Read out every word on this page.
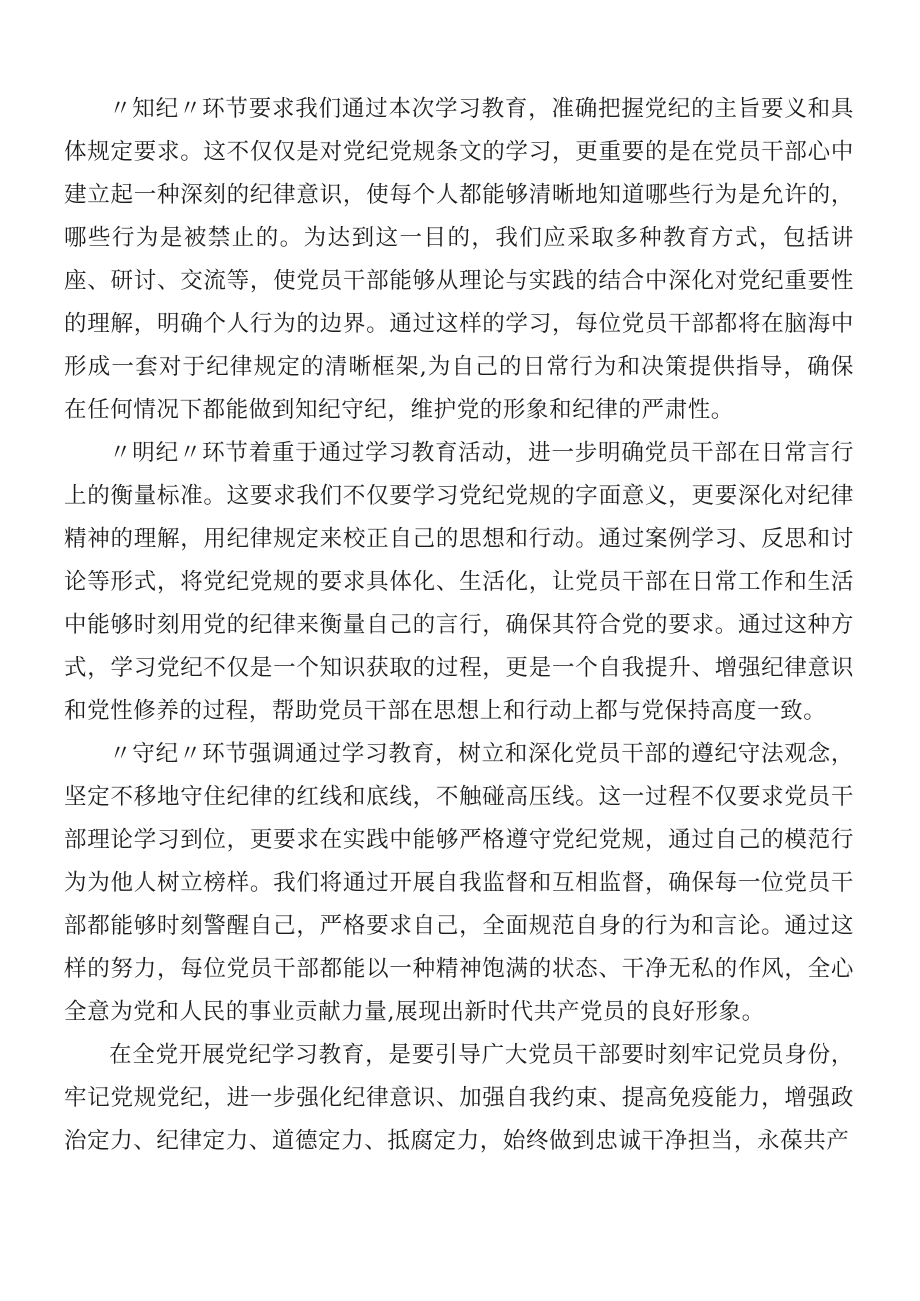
〃知纪〃环节要求我们通过本次学习教育，准确把握党纪的主旨要义和具体规定要求。这不仅仅是对党纪党规条文的学习，更重要的是在党员干部心中建立起一种深刻的纪律意识，使每个人都能够清晰地知道哪些行为是允许的，哪些行为是被禁止的。为达到这一目的，我们应采取多种教育方式，包括讲座、研讨、交流等，使党员干部能够从理论与实践的结合中深化对党纪重要性的理解，明确个人行为的边界。通过这样的学习，每位党员干部都将在脑海中形成一套对于纪律规定的清晰框架,为自己的日常行为和决策提供指导，确保在任何情况下都能做到知纪守纪，维护党的形象和纪律的严肃性。

〃明纪〃环节着重于通过学习教育活动，进一步明确党员干部在日常言行上的衡量标准。这要求我们不仅要学习党纪党规的字面意义，更要深化对纪律精神的理解，用纪律规定来校正自己的思想和行动。通过案例学习、反思和讨论等形式，将党纪党规的要求具体化、生活化，让党员干部在日常工作和生活中能够时刻用党的纪律来衡量自己的言行，确保其符合党的要求。通过这种方式，学习党纪不仅是一个知识获取的过程，更是一个自我提升、增强纪律意识和党性修养的过程，帮助党员干部在思想上和行动上都与党保持高度一致。

〃守纪〃环节强调通过学习教育，树立和深化党员干部的遵纪守法观念，坚定不移地守住纪律的红线和底线，不触碰高压线。这一过程不仅要求党员干部理论学习到位，更要求在实践中能够严格遵守党纪党规，通过自己的模范行为为他人树立榜样。我们将通过开展自我监督和互相监督，确保每一位党员干部都能够时刻警醒自己，严格要求自己，全面规范自身的行为和言论。通过这样的努力，每位党员干部都能以一种精神饱满的状态、干净无私的作风，全心全意为党和人民的事业贡献力量,展现出新时代共产党员的良好形象。

在全党开展党纪学习教育，是要引导广大党员干部要时刻牢记党员身份，牢记党规党纪，进一步强化纪律意识、加强自我约束、提高免疫能力，增强政治定力、纪律定力、道德定力、抵腐定力，始终做到忠诚干净担当，永葆共产
